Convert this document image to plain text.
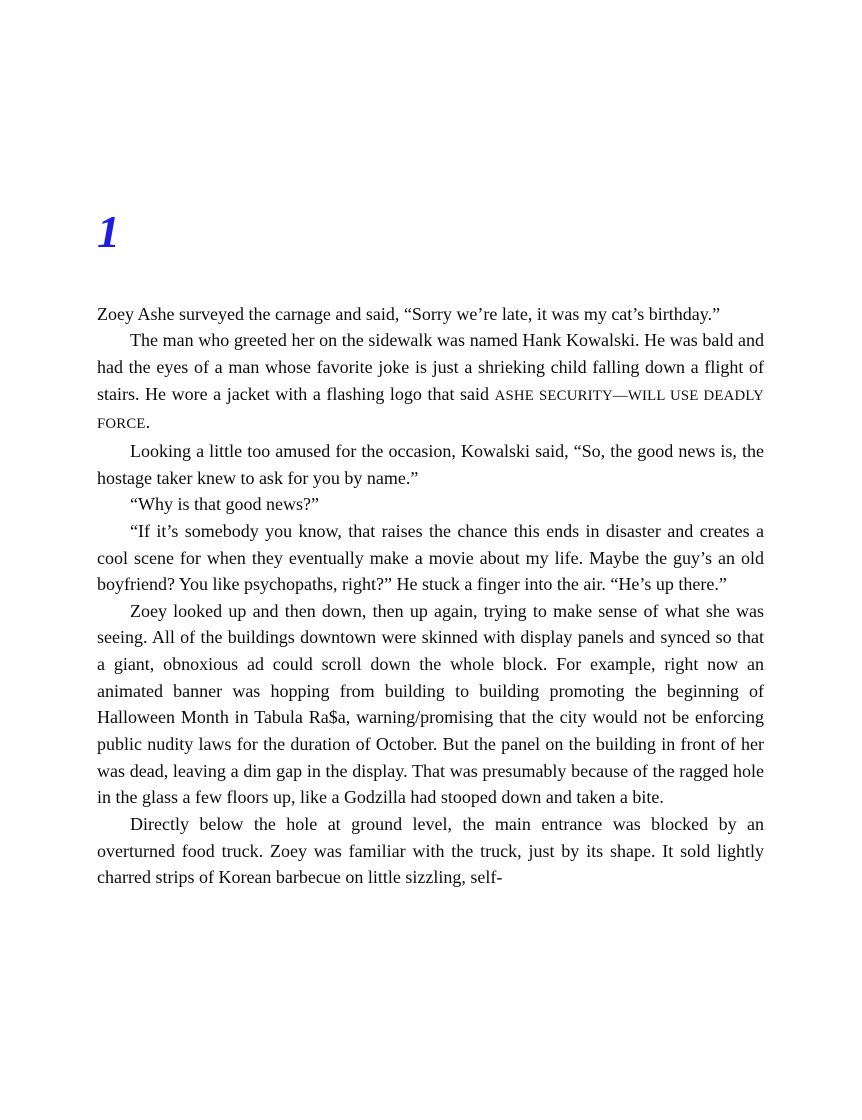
1

Zoey Ashe surveyed the carnage and said, “Sorry we’re late, it was my cat’s birthday.”

The man who greeted her on the sidewalk was named Hank Kowalski. He was bald and had the eyes of a man whose favorite joke is just a shrieking child falling down a flight of stairs. He wore a jacket with a flashing logo that said ASHE SECURITY—WILL USE DEADLY FORCE.

Looking a little too amused for the occasion, Kowalski said, “So, the good news is, the hostage taker knew to ask for you by name.”

“Why is that good news?”

“If it’s somebody you know, that raises the chance this ends in disaster and creates a cool scene for when they eventually make a movie about my life. Maybe the guy’s an old boyfriend? You like psychopaths, right?” He stuck a finger into the air. “He’s up there.”

Zoey looked up and then down, then up again, trying to make sense of what she was seeing. All of the buildings downtown were skinned with display panels and synced so that a giant, obnoxious ad could scroll down the whole block. For example, right now an animated banner was hopping from building to building promoting the beginning of Halloween Month in Tabula Ra$a, warning/promising that the city would not be enforcing public nudity laws for the duration of October. But the panel on the building in front of her was dead, leaving a dim gap in the display. That was presumably because of the ragged hole in the glass a few floors up, like a Godzilla had stooped down and taken a bite.

Directly below the hole at ground level, the main entrance was blocked by an overturned food truck. Zoey was familiar with the truck, just by its shape. It sold lightly charred strips of Korean barbecue on little sizzling, self-
